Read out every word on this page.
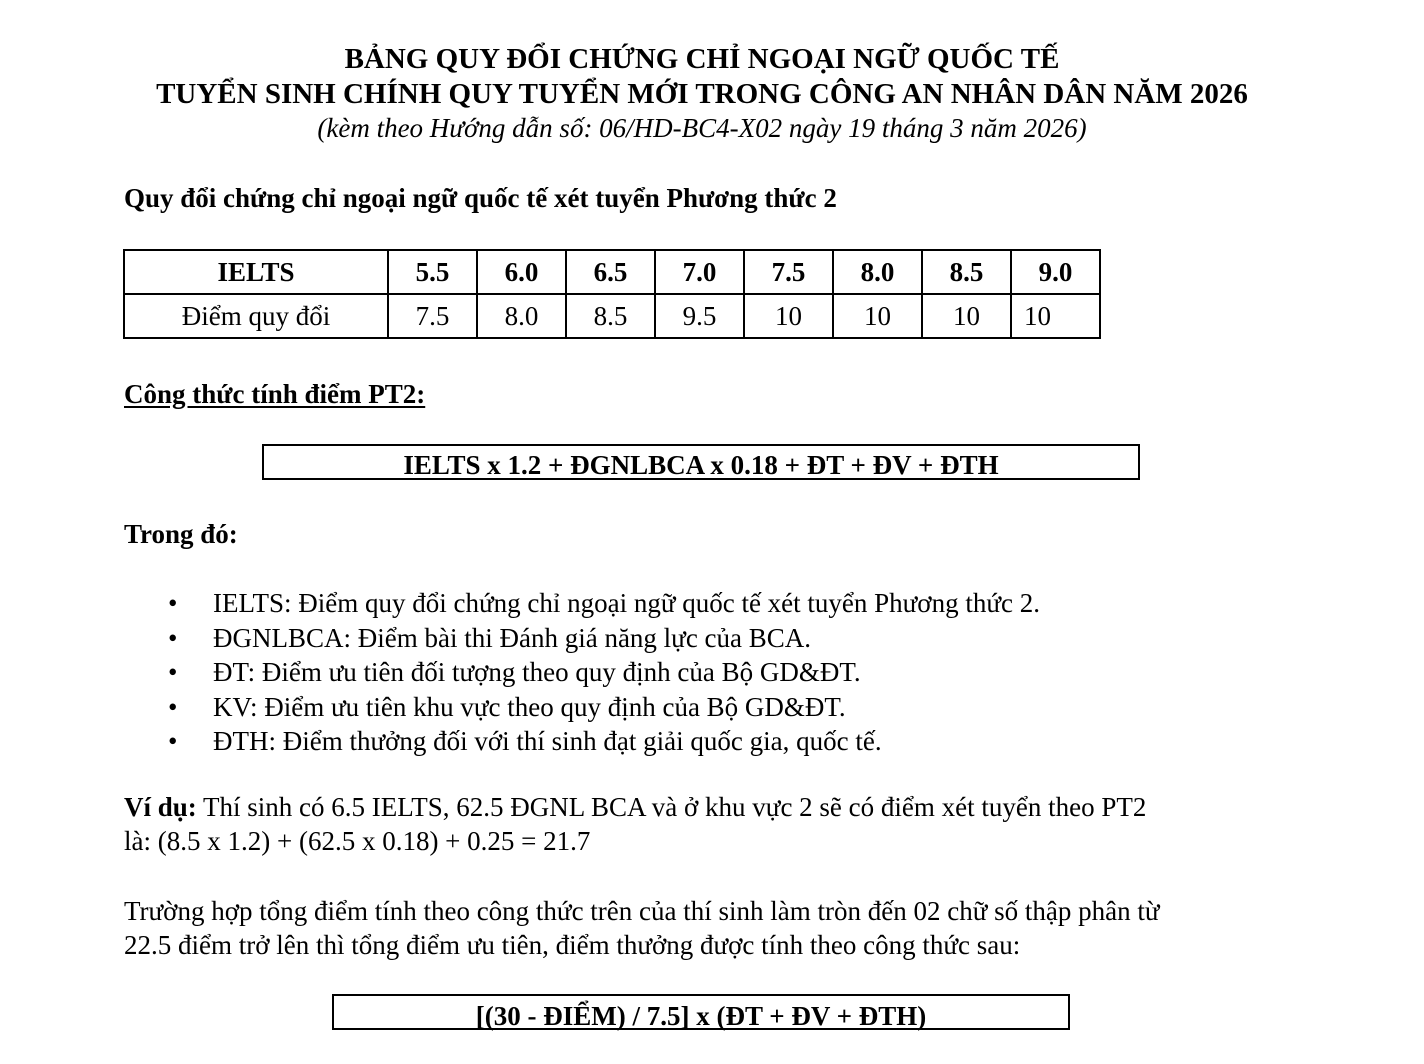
BẢNG QUY ĐỔI CHỨNG CHỈ NGOẠI NGỮ QUỐC TẾ
TUYỂN SINH CHÍNH QUY TUYỂN MỚI TRONG CÔNG AN NHÂN DÂN NĂM 2026
(kèm theo Hướng dẫn số: 06/HD-BC4-X02 ngày 19 tháng 3 năm 2026)
Quy đổi chứng chỉ ngoại ngữ quốc tế xét tuyển Phương thức 2
IELTS	5.5	6.0	6.5	7.0	7.5	8.0	8.5	9.0
Điểm quy đổi	7.5	8.0	8.5	9.5	10	10	10	10
Công thức tính điểm PT2:
IELTS x 1.2 + ĐGNLBCA x 0.18 + ĐT + ĐV + ĐTH
Trong đó:
• IELTS: Điểm quy đổi chứng chỉ ngoại ngữ quốc tế xét tuyển Phương thức 2.
• ĐGNLBCA: Điểm bài thi Đánh giá năng lực của BCA.
• ĐT: Điểm ưu tiên đối tượng theo quy định của Bộ GD&ĐT.
• KV: Điểm ưu tiên khu vực theo quy định của Bộ GD&ĐT.
• ĐTH: Điểm thưởng đối với thí sinh đạt giải quốc gia, quốc tế.
Ví dụ: Thí sinh có 6.5 IELTS, 62.5 ĐGNL BCA và ở khu vực 2 sẽ có điểm xét tuyển theo PT2
là: (8.5 x 1.2) + (62.5 x 0.18) + 0.25 = 21.7
Trường hợp tổng điểm tính theo công thức trên của thí sinh làm tròn đến 02 chữ số thập phân từ
22.5 điểm trở lên thì tổng điểm ưu tiên, điểm thưởng được tính theo công thức sau:
[(30 - ĐIỂM) / 7.5] x (ĐT + ĐV + ĐTH)
